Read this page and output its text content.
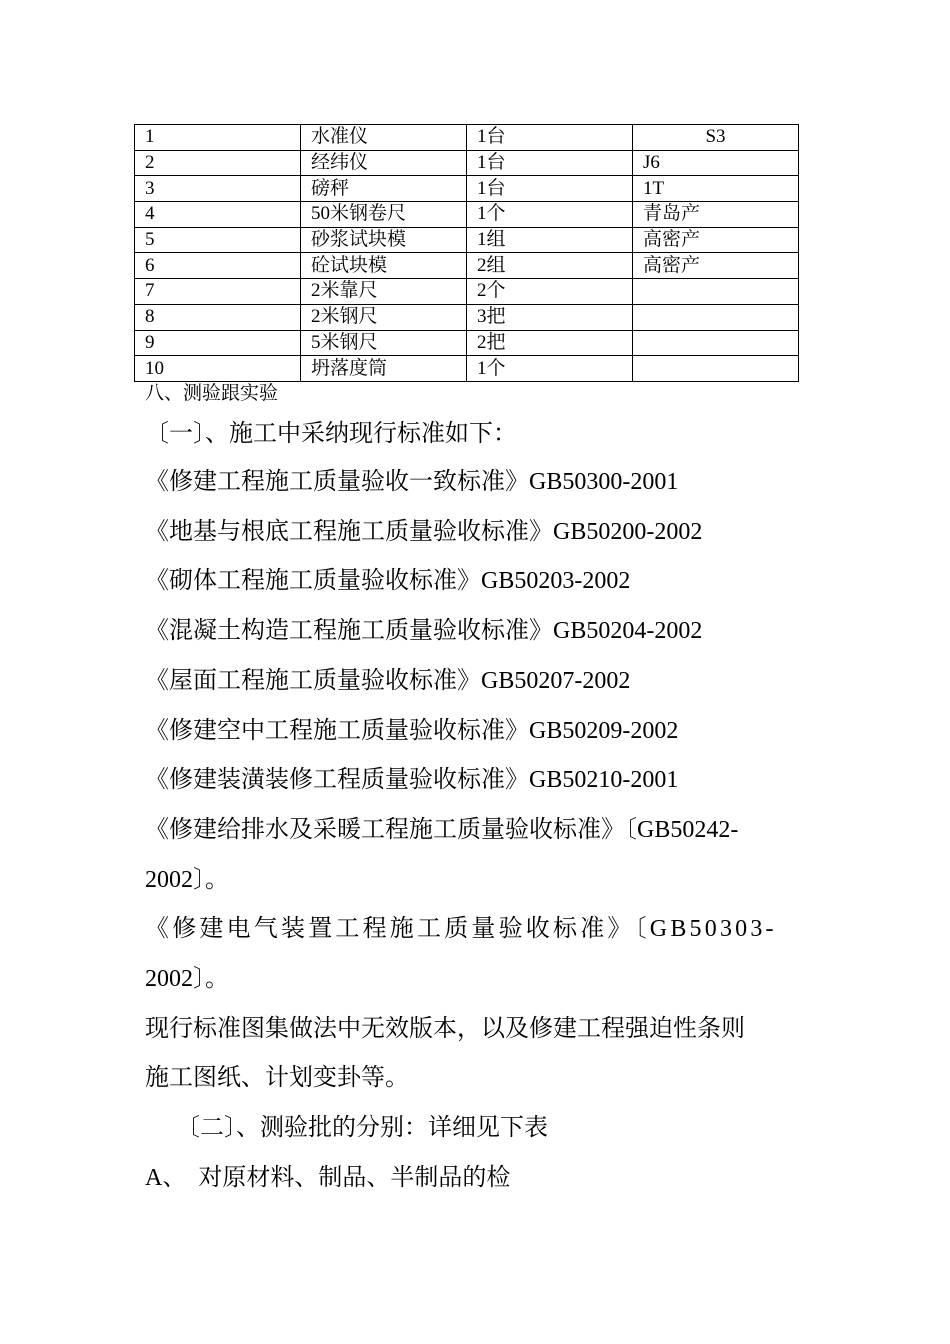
1	水准仪	1台	S3
2	经纬仪	1台	J6
3	磅秤	1台	1T
4	50米钢卷尺	1个	青岛产
5	砂浆试块模	1组	高密产
6	砼试块模	2组	高密产
7	2米靠尺	2个	
8	2米钢尺	3把	
9	5米钢尺	2把	
10	坍落度筒	1个	
八、测验跟实验

〔一〕、施工中采纳现行标准如下：

《修建工程施工质量验收一致标准》GB50300-2001

《地基与根底工程施工质量验收标准》GB50200-2002

《砌体工程施工质量验收标准》GB50203-2002

《混凝土构造工程施工质量验收标准》GB50204-2002

《屋面工程施工质量验收标准》GB50207-2002

《修建空中工程施工质量验收标准》GB50209-2002

《修建装潢装修工程质量验收标准》GB50210-2001

《修建给排水及采暖工程施工质量验收标准》〔GB50242-

2002〕。

《修建电气装置工程施工质量验收标准》〔GB50303-

2002〕。

现行标准图集做法中无效版本，以及修建工程强迫性条则

施工图纸、计划变卦等。

〔二〕、测验批的分别：详细见下表

A、  对原材料、制品、半制品的检
